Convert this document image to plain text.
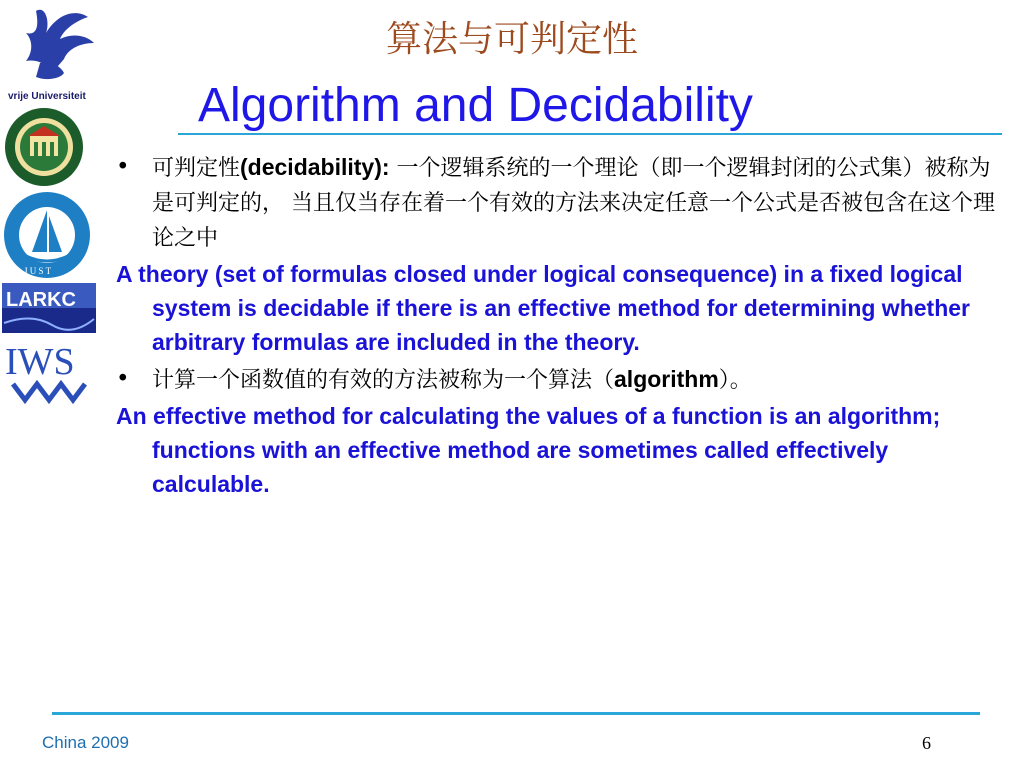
vrije Universiteit
J U S T
LARKC
IWS
算法与可判定性
Algorithm and Decidability
• 可判定性(decidability): 一个逻辑系统的一个理论（即一个逻辑封闭的公式集）被称为是可判定的， 当且仅当存在着一个有效的方法来决定任意一个公式是否被包含在这个理论之中
A theory (set of formulas closed under logical consequence) in a fixed logical system is decidable if there is an effective method for determining whether arbitrary formulas are included in the theory.
• 计算一个函数值的有效的方法被称为一个算法（algorithm）。
An effective method for calculating the values of a function is an algorithm; functions with an effective method are sometimes called effectively calculable.
China 2009	6
